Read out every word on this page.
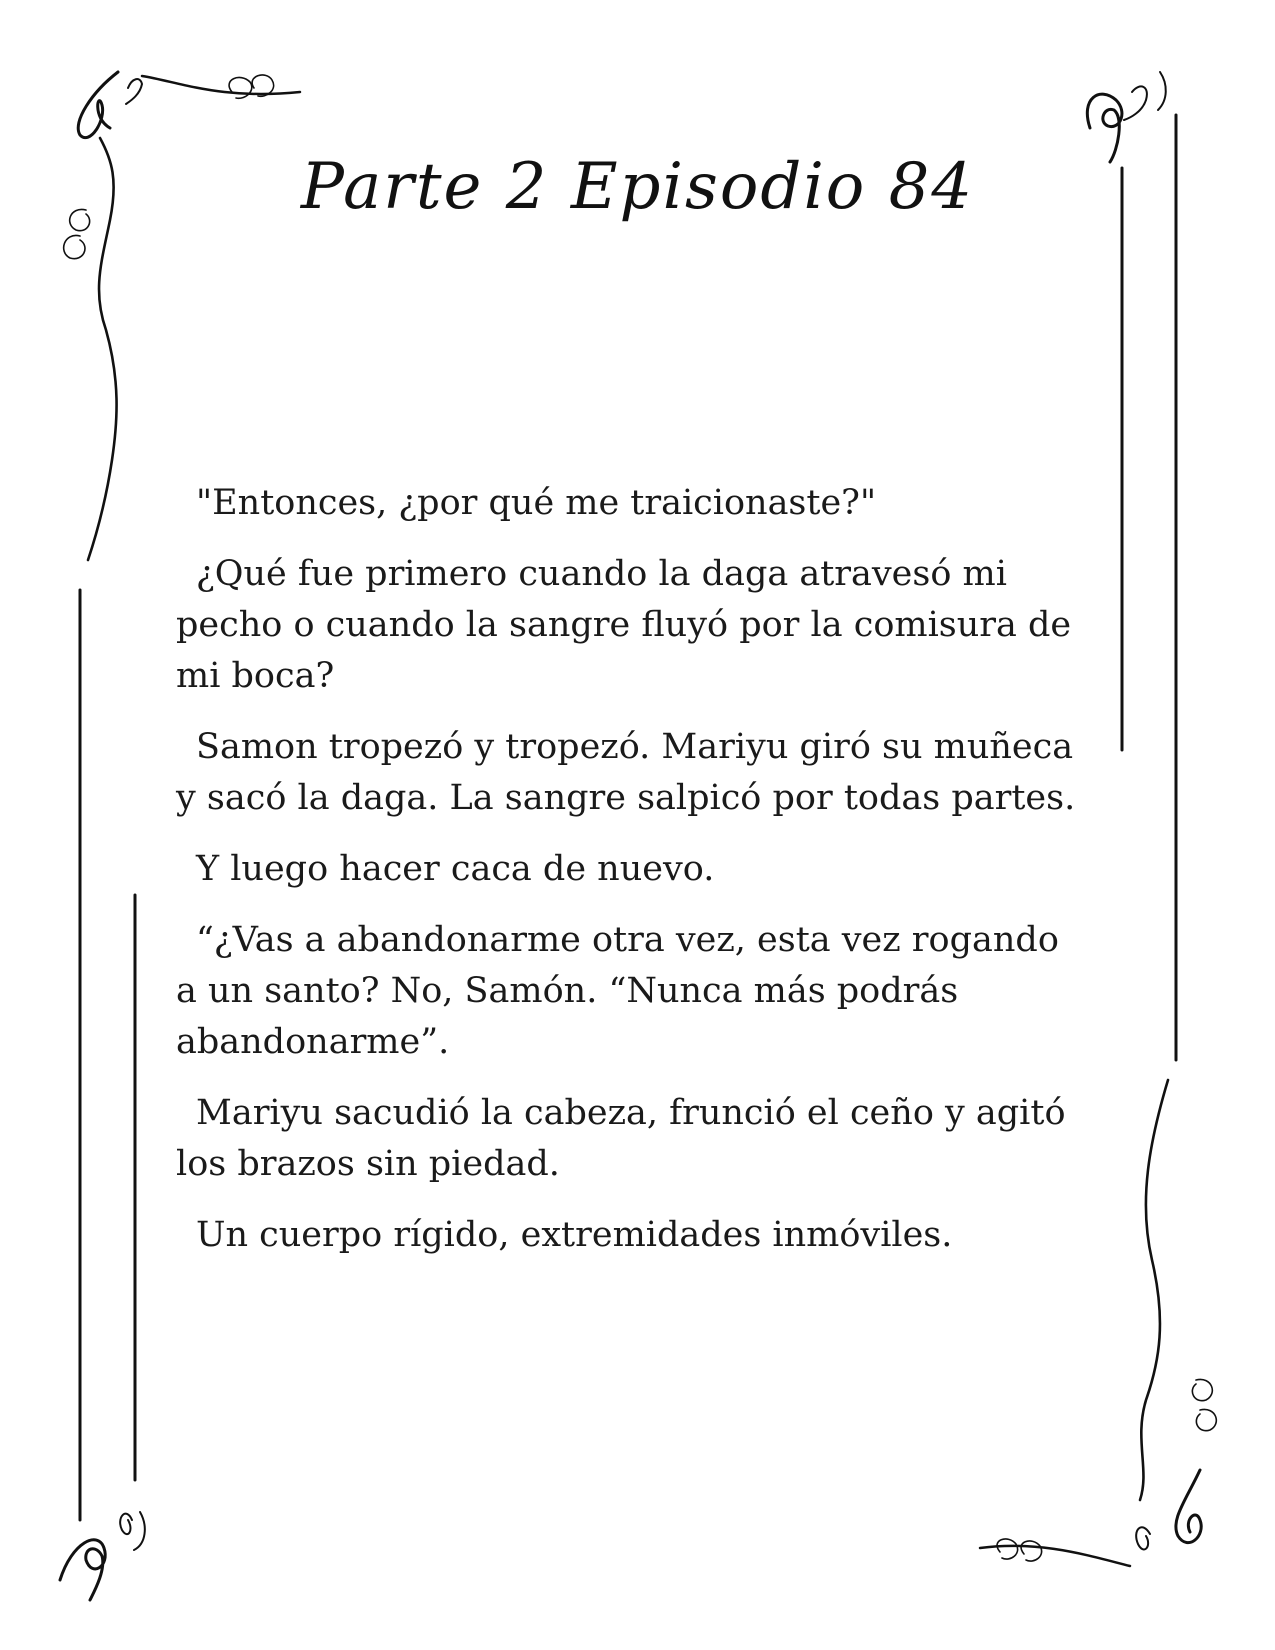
Parte 2 Episodio 84

"Entonces, ¿por qué me traicionaste?"

¿Qué fue primero cuando la daga atravesó mi pecho o cuando la sangre fluyó por la comisura de mi boca?

Samon tropezó y tropezó. Mariyu giró su muñeca y sacó la daga. La sangre salpicó por todas partes.

Y luego hacer caca de nuevo.

“¿Vas a abandonarme otra vez, esta vez rogando a un santo? No, Samón. “Nunca más podrás abandonarme”.

Mariyu sacudió la cabeza, frunció el ceño y agitó los brazos sin piedad.

Un cuerpo rígido, extremidades inmóviles.
